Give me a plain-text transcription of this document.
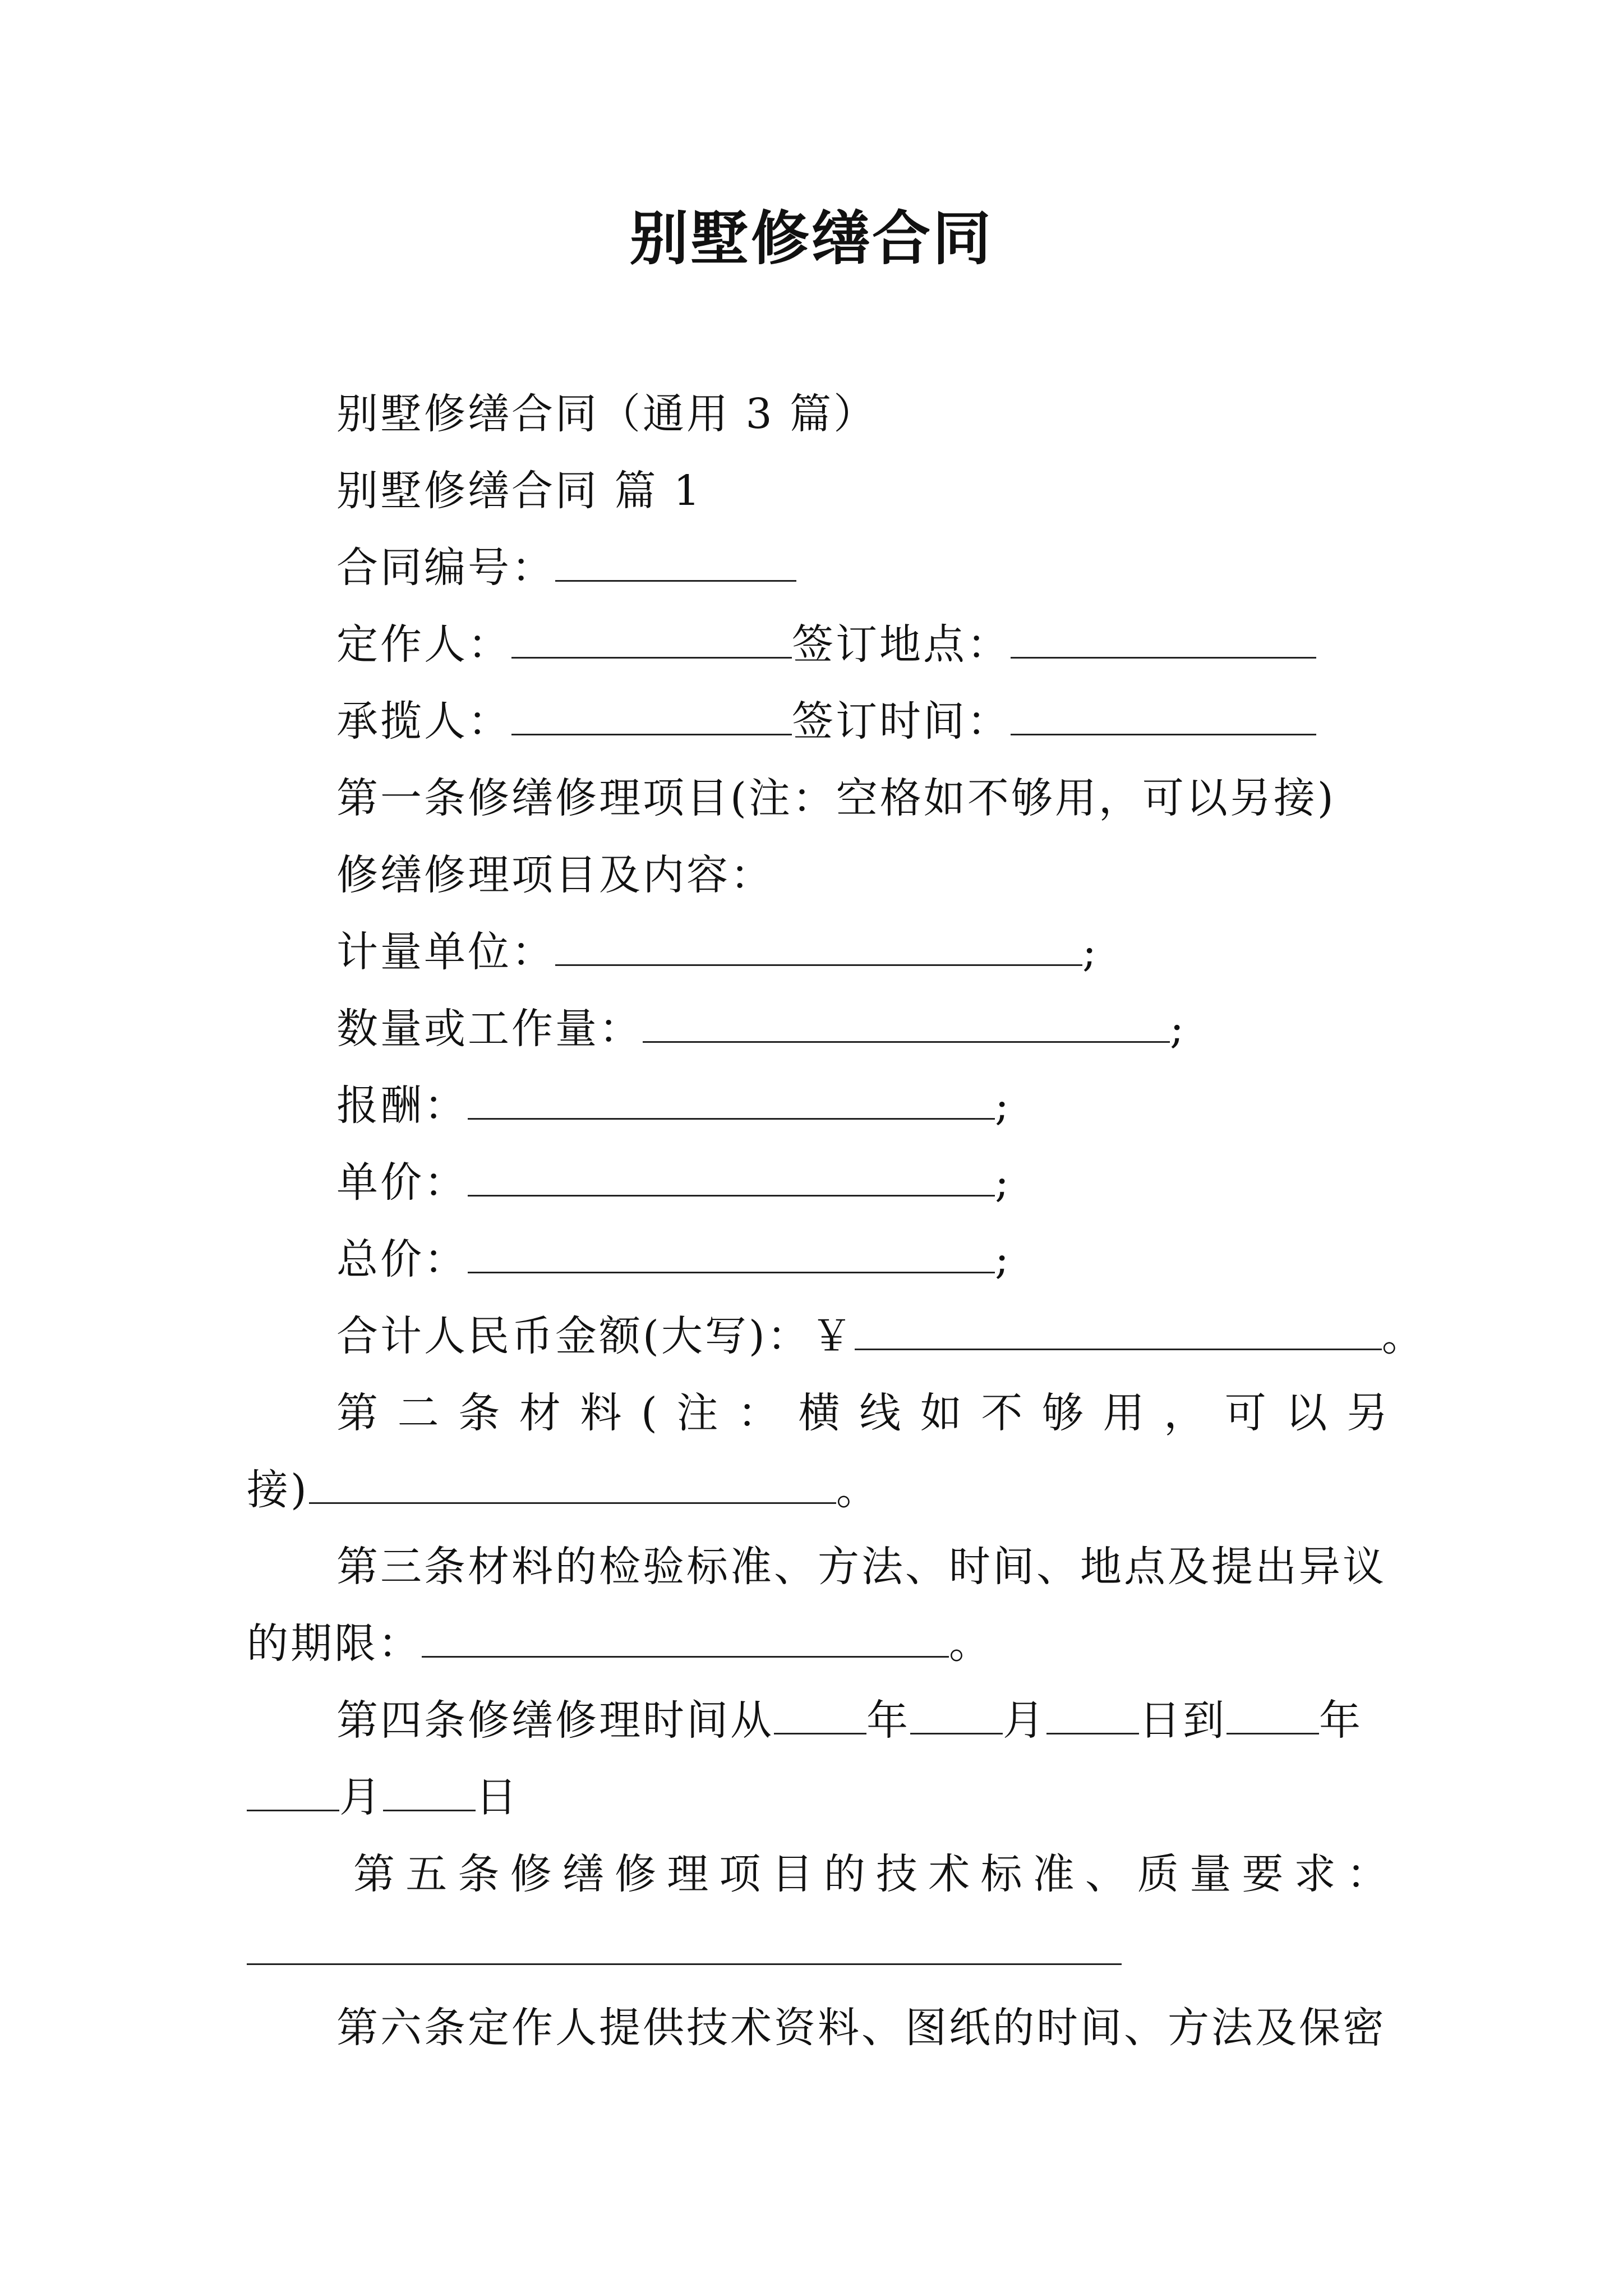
别墅修缮合同
别墅修缮合同（通用 3 篇）
别墅修缮合同 篇 1
合同编号：
定作人：	签订地点：
承揽人：	签订时间：
第一条修缮修理项目(注：空格如不够用，可以另接)
修缮修理项目及内容：
计量单位：	;
数量或工作量：	;
报酬：	;
单价：	;
总价：	;
合计人民币金额(大写)：￥	。
第 二 条 材 料 ( 注 ： 横 线 如 不 够 用 ， 可 以 另
接)	。
第三条材料的检验标准、方法、时间、地点及提出异议
的期限：	。
第四条修缮修理时间从 年 月 日到 年
月 日
第 五 条 修 缮 修 理 项 目 的 技 术 标 准 、 质 量 要 求 ：
第六条定作人提供技术资料、图纸的时间、方法及保密
